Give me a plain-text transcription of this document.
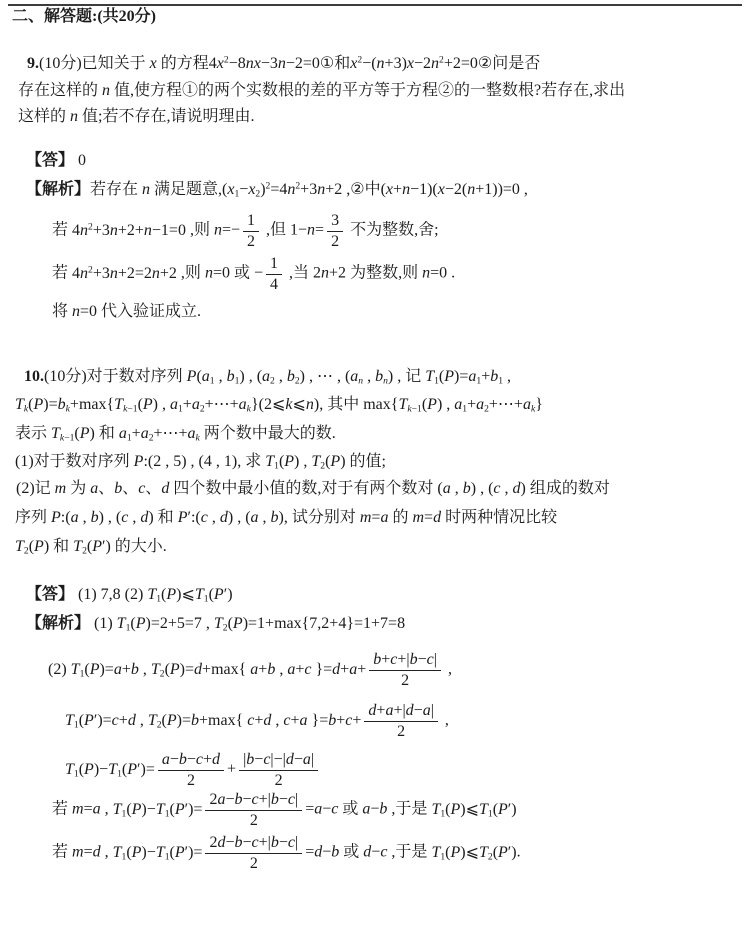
二、解答题:(共20分)
9.(10分)已知关于 x 的方程$4x^2-8nx-3n-2=0①$和$x^2-(n+3)x-2n^2+2=0②$问是否
存在这样的 n 值,使方程①的两个实数根的差的平方等于方程②的一整数根?若存在,求出
这样的 n 值;若不存在,请说明理由.
【答】 0
【解析】若存在 n 满足题意$,(x_1-x_2)^2=4n^2+3n+2$ ,②中(x+n−1)(x−2(n+1))=0 ,
若 $4n^2+3n+2+n-1=0$ ,则 $n=- \frac{1}{2}$ ,但 $1-n= \frac{3}{2}$ 不为整数,舍;
若 $4n^2+3n+2=2n+2$ ,则 n=0 或 − $\frac{1}{4}$ ,当 2n+2 为整数,则 n=0 .
将 n=0 代入验证成立.
10.(10分)对于数对序列 $P(a_1$ , $b_1$) , ($a_2$ , $b_2$) , ⋯ , ($a_n$ , $b_n$) , 记 $T_1(P)=a_1+b_1$ ,
$T_k(P)=b_k+\max\{T_{k-1}(P)$ , $a_1+a_2+\cdots+a_k\}(2⩽k⩽n)$, 其中 $\max\{T_{k-1}(P)$ , $a_1+a_2+\cdots+a_k$}
表示 $T_{k-1}(P)$ 和 $a_1+a_2+\cdots+a_k$ 两个数中最大的数.
(1)对于数对序列 P:(2 , 5) , (4 , 1), 求 $T_1(P)$ , $T_2(P)$ 的值;
(2)记 m 为 a、b、c、d 四个数中最小值的数,对于有两个数对 (a , b) , (c , d) 组成的数对
序列 P:(a , b) , (c , d) 和 P′:(c , d) , (a , b), 试分别对 m=a 的 m=d 时两种情况比较
$T_2(P)$ 和 $T_2(P')$ 的大小.
【答】 (1) 7,8 (2) $T_1(P)⩽T_1(P')$
【解析】 (1) $T_1(P)=2+5=7$ , $T_2(P)=1+\max\{7,2+4\}=1+7=8$
(2) $T_1(P)=a+b$ , $T_2(P)=d+\max${ a+b , a+c }$=d+a+ \frac{b+c+|b-c|}{2}$ ,
$T_1(P')=c+d$ , $T_2(P)=b+\max${ c+d , c+a }$=b+c+ \frac{d+a+|d-a|}{2}$ ,
$T_1(P)-T_1(P')= \frac{a-b-c+d}{2} + \frac{|b-c|-|d-a|}{2}$
若 m=a , $T_1(P)-T_1(P')= \frac{2a-b-c+|b-c|}{2} =a-c$ 或 a−b ,于是 $T_1(P)⩽T_1(P')$
若 m=d , $T_1(P)-T_1(P')= \frac{2d-b-c+|b-c|}{2} =d-b$ 或 d−c ,于是 $T_1(P)⩽T_2(P')$.
